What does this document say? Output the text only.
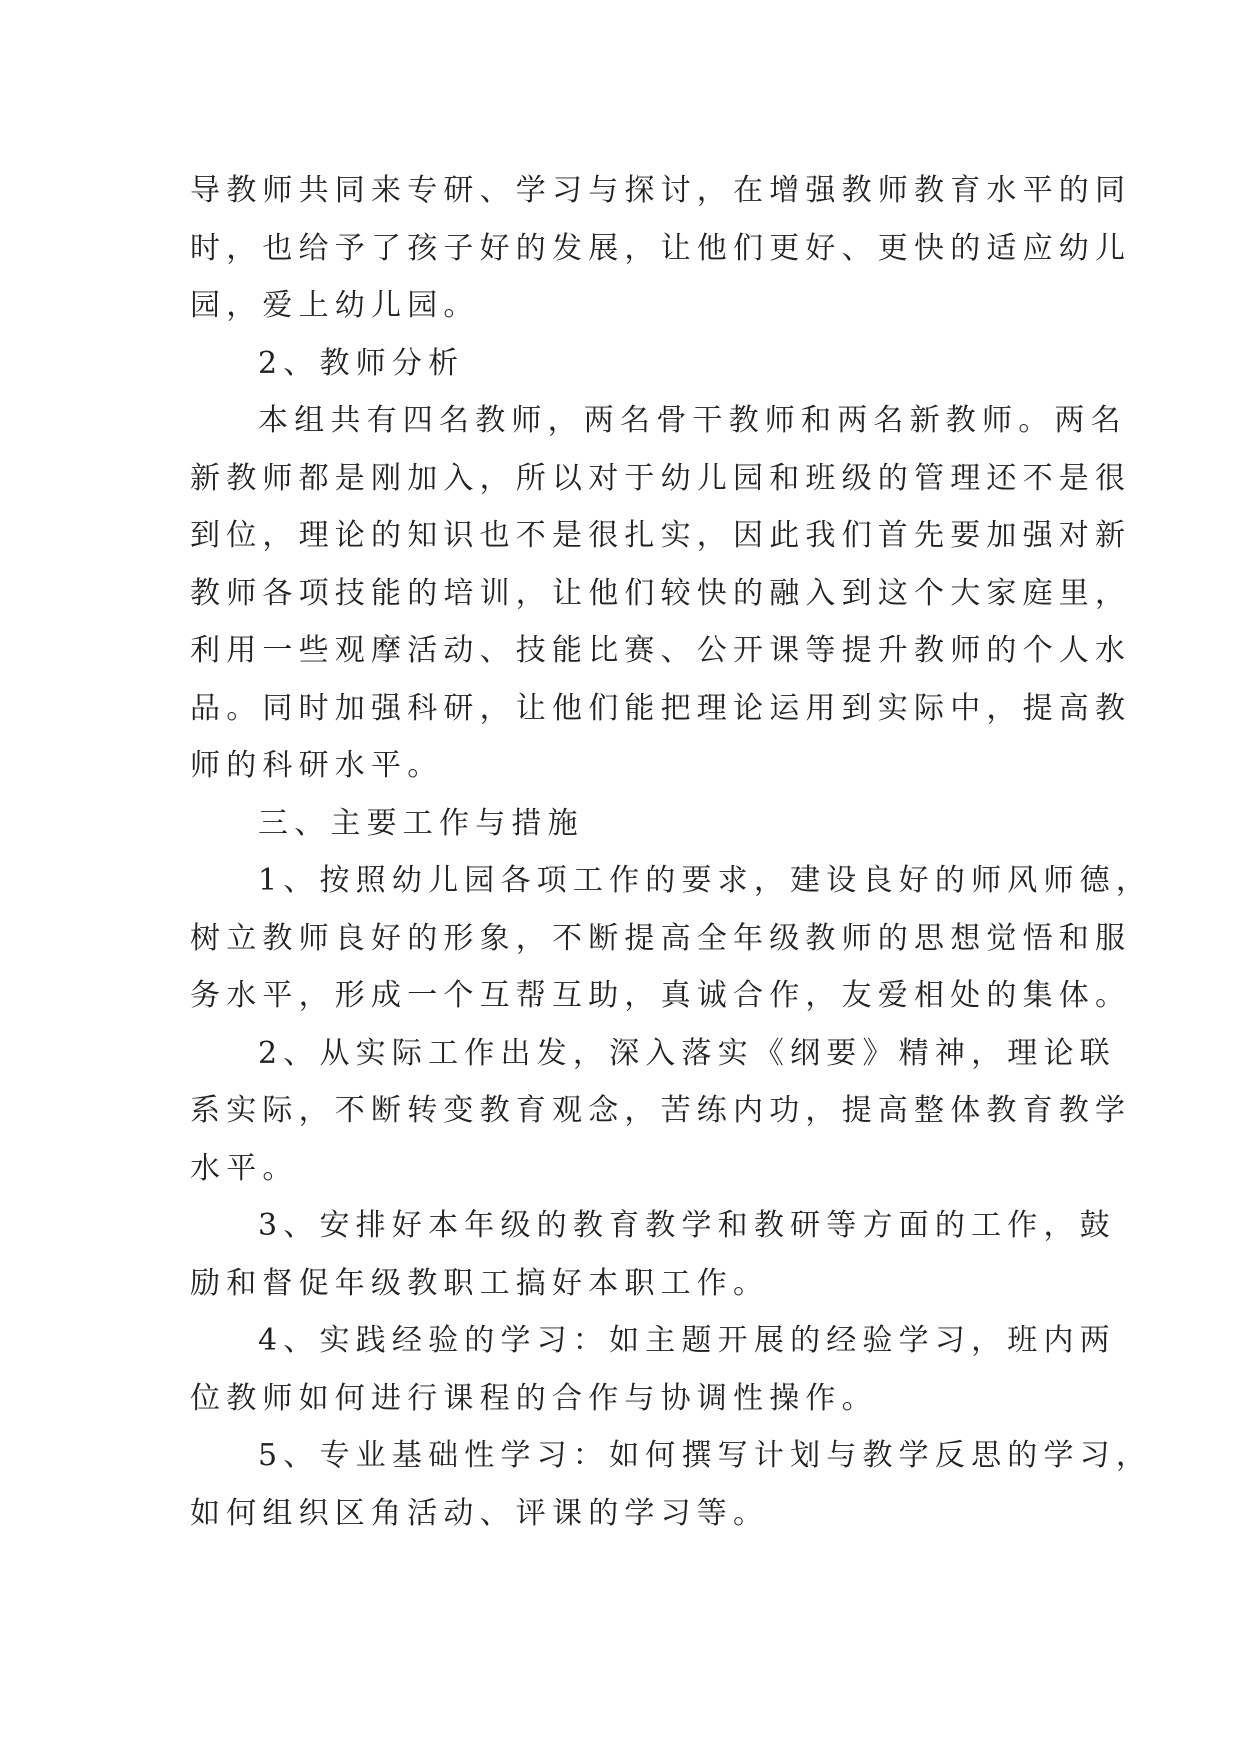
导教师共同来专研、学习与探讨，在增强教师教育水平的同
时，也给予了孩子好的发展，让他们更好、更快的适应幼儿
园，爱上幼儿园。

2、教师分析

本组共有四名教师，两名骨干教师和两名新教师。两名
新教师都是刚加入，所以对于幼儿园和班级的管理还不是很
到位，理论的知识也不是很扎实，因此我们首先要加强对新
教师各项技能的培训，让他们较快的融入到这个大家庭里，
利用一些观摩活动、技能比赛、公开课等提升教师的个人水
品。同时加强科研，让他们能把理论运用到实际中，提高教
师的科研水平。

三、主要工作与措施

1、按照幼儿园各项工作的要求，建设良好的师风师德，
树立教师良好的形象，不断提高全年级教师的思想觉悟和服
务水平，形成一个互帮互助，真诚合作，友爱相处的集体。

2、从实际工作出发，深入落实《纲要》精神，理论联
系实际，不断转变教育观念，苦练内功，提高整体教育教学
水平。

3、安排好本年级的教育教学和教研等方面的工作，鼓
励和督促年级教职工搞好本职工作。

4、实践经验的学习：如主题开展的经验学习，班内两
位教师如何进行课程的合作与协调性操作。

5、专业基础性学习：如何撰写计划与教学反思的学习，
如何组织区角活动、评课的学习等。
